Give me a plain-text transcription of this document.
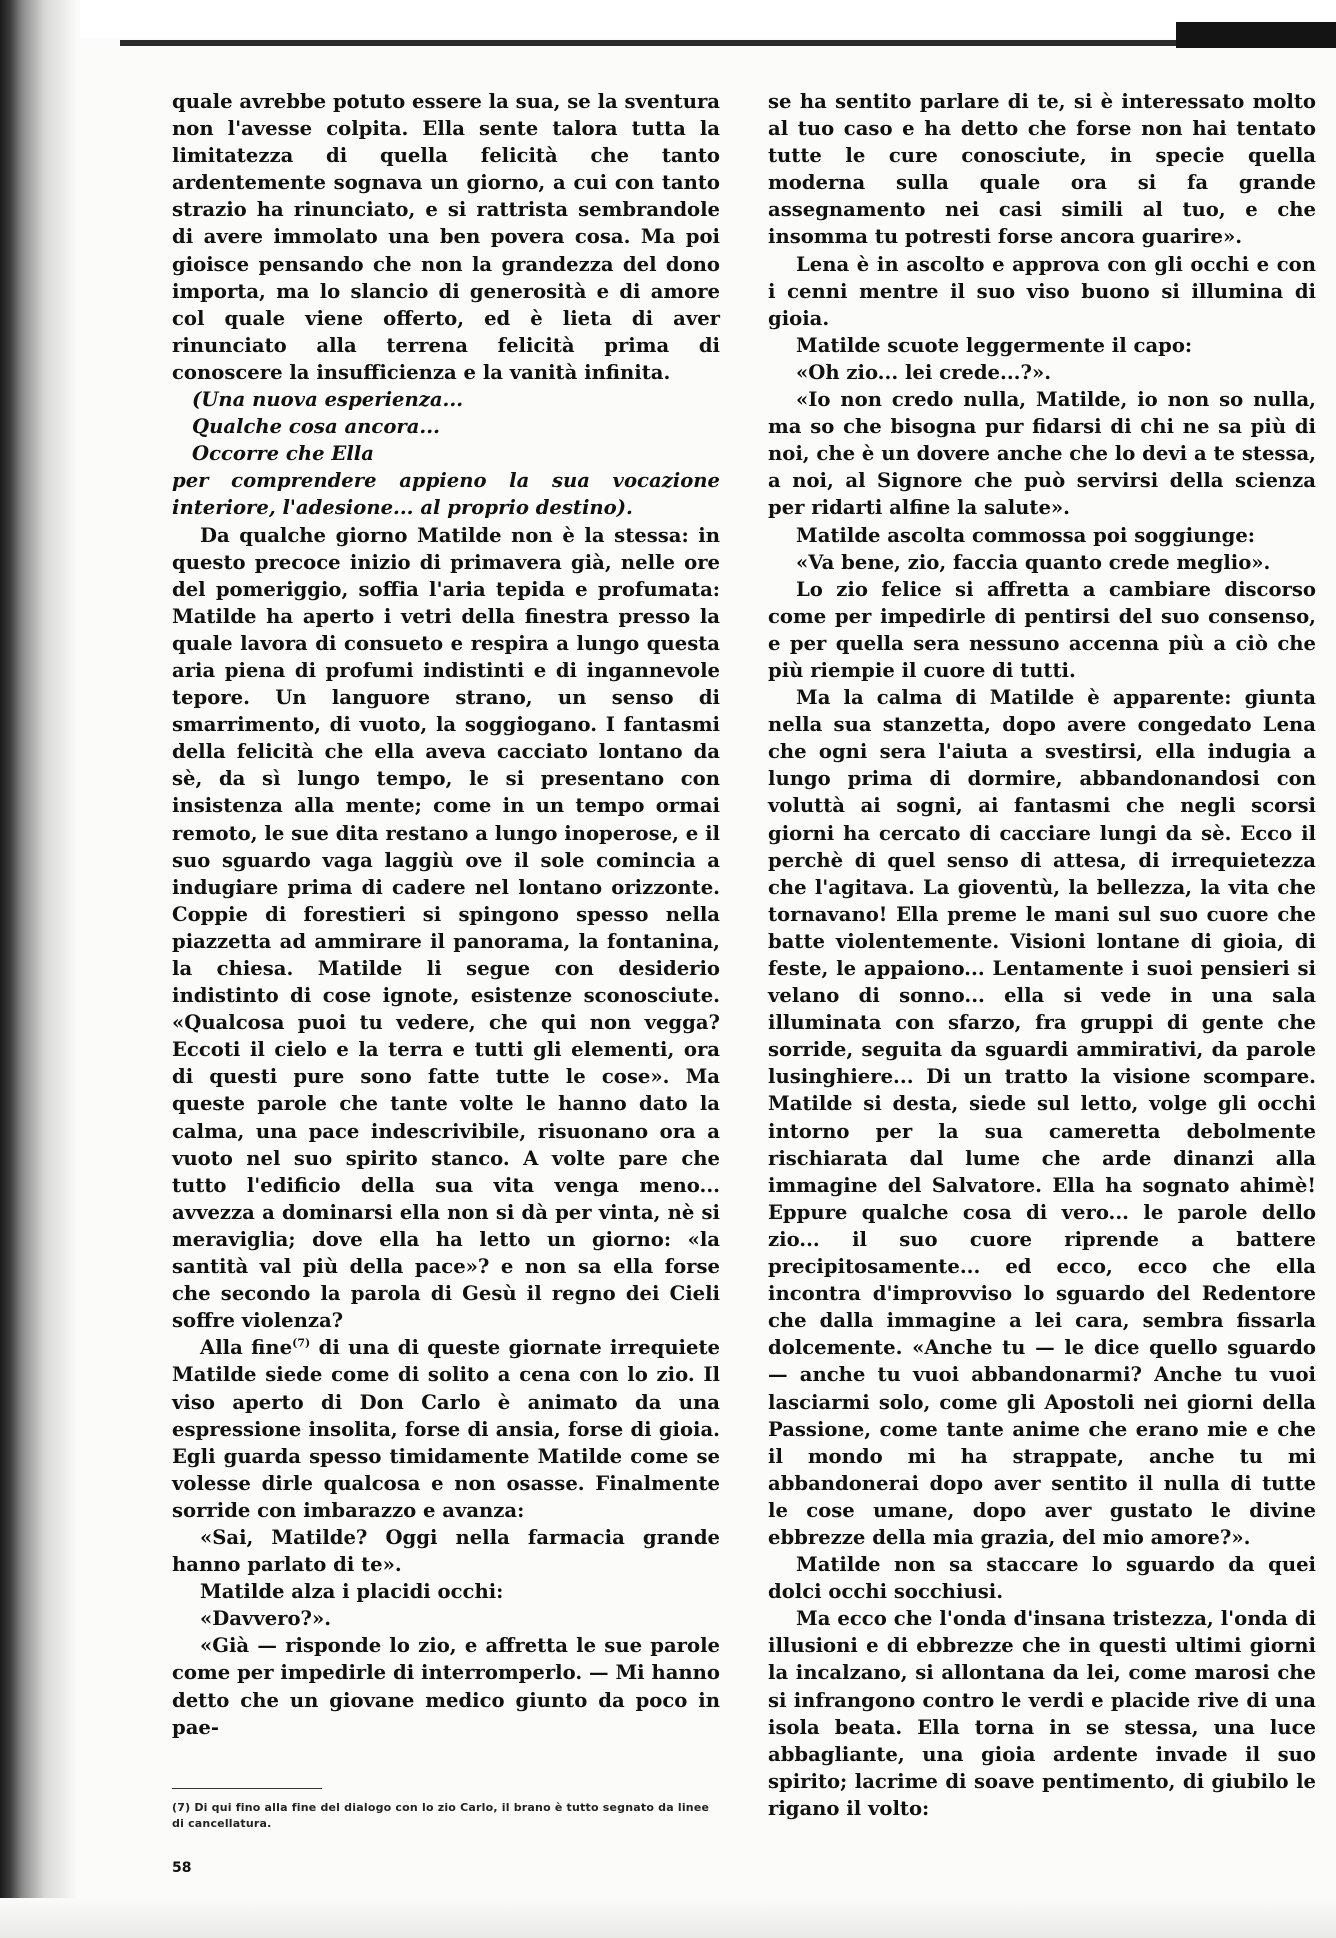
quale avrebbe potuto essere la sua, se la sventura non l'avesse colpita. Ella sente talora tutta la limitatezza di quella felicità che tanto ardentemente sognava un giorno, a cui con tanto strazio ha rinunciato, e si rattrista sembrandole di avere immolato una ben povera cosa. Ma poi gioisce pensando che non la grandezza del dono importa, ma lo slancio di generosità e di amore col quale viene offerto, ed è lieta di aver rinunciato alla terrena felicità prima di conoscere la insufficienza e la vanità infinita.

(Una nuova esperienza...
Qualche cosa ancora...
Occorre che Ella
per comprendere appieno la sua vocazione interiore, l'adesione... al proprio destino).

Da qualche giorno Matilde non è la stessa: in questo precoce inizio di primavera già, nelle ore del pomeriggio, soffia l'aria tepida e profumata: Matilde ha aperto i vetri della finestra presso la quale lavora di consueto e respira a lungo questa aria piena di profumi indistinti e di ingannevole tepore. Un languore strano, un senso di smarrimento, di vuoto, la soggiogano. I fantasmi della felicità che ella aveva cacciato lontano da sè, da sì lungo tempo, le si presentano con insistenza alla mente; come in un tempo ormai remoto, le sue dita restano a lungo inoperose, e il suo sguardo vaga laggiù ove il sole comincia a indugiare prima di cadere nel lontano orizzonte. Coppie di forestieri si spingono spesso nella piazzetta ad ammirare il panorama, la fontanina, la chiesa. Matilde li segue con desiderio indistinto di cose ignote, esistenze sconosciute. «Qualcosa puoi tu vedere, che qui non vegga? Eccoti il cielo e la terra e tutti gli elementi, ora di questi pure sono fatte tutte le cose». Ma queste parole che tante volte le hanno dato la calma, una pace indescrivibile, risuonano ora a vuoto nel suo spirito stanco. A volte pare che tutto l'edificio della sua vita venga meno... avvezza a dominarsi ella non si dà per vinta, nè si meraviglia; dove ella ha letto un giorno: «la santità val più della pace»? e non sa ella forse che secondo la parola di Gesù il regno dei Cieli soffre violenza?

Alla fine$^{(7)}$ di una di queste giornate irrequiete Matilde siede come di solito a cena con lo zio. Il viso aperto di Don Carlo è animato da una espressione insolita, forse di ansia, forse di gioia. Egli guarda spesso timidamente Matilde come se volesse dirle qualcosa e non osasse. Finalmente sorride con imbarazzo e avanza:

«Sai, Matilde? Oggi nella farmacia grande hanno parlato di te».

Matilde alza i placidi occhi:

«Davvero?».

«Già — risponde lo zio, e affretta le sue parole come per impedirle di interromperlo. — Mi hanno detto che un giovane medico giunto da poco in pae-

se ha sentito parlare di te, si è interessato molto al tuo caso e ha detto che forse non hai tentato tutte le cure conosciute, in specie quella moderna sulla quale ora si fa grande assegnamento nei casi simili al tuo, e che insomma tu potresti forse ancora guarire».

Lena è in ascolto e approva con gli occhi e con i cenni mentre il suo viso buono si illumina di gioia.

Matilde scuote leggermente il capo:

«Oh zio... lei crede...?».

«Io non credo nulla, Matilde, io non so nulla, ma so che bisogna pur fidarsi di chi ne sa più di noi, che è un dovere anche che lo devi a te stessa, a noi, al Signore che può servirsi della scienza per ridarti alfine la salute».

Matilde ascolta commossa poi soggiunge:

«Va bene, zio, faccia quanto crede meglio».

Lo zio felice si affretta a cambiare discorso come per impedirle di pentirsi del suo consenso, e per quella sera nessuno accenna più a ciò che più riempie il cuore di tutti.

Ma la calma di Matilde è apparente: giunta nella sua stanzetta, dopo avere congedato Lena che ogni sera l'aiuta a svestirsi, ella indugia a lungo prima di dormire, abbandonandosi con voluttà ai sogni, ai fantasmi che negli scorsi giorni ha cercato di cacciare lungi da sè. Ecco il perchè di quel senso di attesa, di irrequietezza che l'agitava. La gioventù, la bellezza, la vita che tornavano! Ella preme le mani sul suo cuore che batte violentemente. Visioni lontane di gioia, di feste, le appaiono... Lentamente i suoi pensieri si velano di sonno... ella si vede in una sala illuminata con sfarzo, fra gruppi di gente che sorride, seguita da sguardi ammirativi, da parole lusinghiere... Di un tratto la visione scompare. Matilde si desta, siede sul letto, volge gli occhi intorno per la sua cameretta debolmente rischiarata dal lume che arde dinanzi alla immagine del Salvatore. Ella ha sognato ahimè! Eppure qualche cosa di vero... le parole dello zio... il suo cuore riprende a battere precipitosamente... ed ecco, ecco che ella incontra d'improvviso lo sguardo del Redentore che dalla immagine a lei cara, sembra fissarla dolcemente. «Anche tu — le dice quello sguardo — anche tu vuoi abbandonarmi? Anche tu vuoi lasciarmi solo, come gli Apostoli nei giorni della Passione, come tante anime che erano mie e che il mondo mi ha strappate, anche tu mi abbandonerai dopo aver sentito il nulla di tutte le cose umane, dopo aver gustato le divine ebbrezze della mia grazia, del mio amore?».

Matilde non sa staccare lo sguardo da quei dolci occhi socchiusi.

Ma ecco che l'onda d'insana tristezza, l'onda di illusioni e di ebbrezze che in questi ultimi giorni la incalzano, si allontana da lei, come marosi che si infrangono contro le verdi e placide rive di una isola beata. Ella torna in se stessa, una luce abbagliante, una gioia ardente invade il suo spirito; lacrime di soave pentimento, di giubilo le rigano il volto:

(7) Di qui fino alla fine del dialogo con lo zio Carlo, il brano è tutto segnato da linee di cancellatura.
58
